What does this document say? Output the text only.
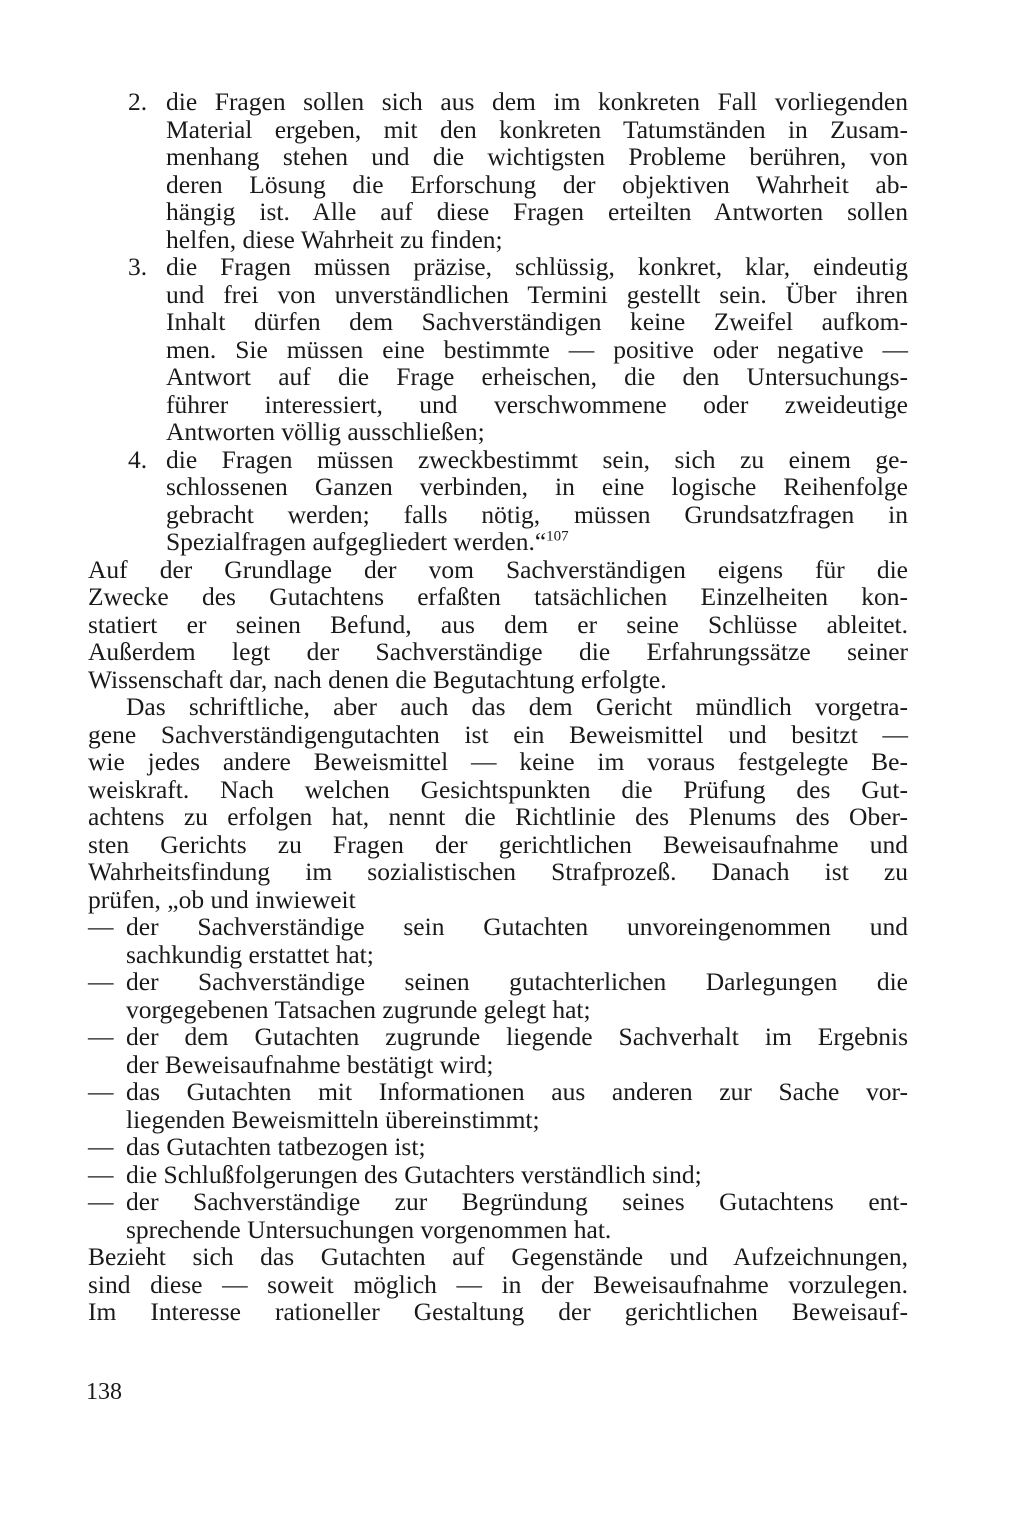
2. die Fragen sollen sich aus dem im konkreten Fall vorliegenden
Material ergeben, mit den konkreten Tatumständen in Zusam-
menhang stehen und die wichtigsten Probleme berühren, von
deren Lösung die Erforschung der objektiven Wahrheit ab-
hängig ist. Alle auf diese Fragen erteilten Antworten sollen
helfen, diese Wahrheit zu finden;
3. die Fragen müssen präzise, schlüssig, konkret, klar, eindeutig
und frei von unverständlichen Termini gestellt sein. Über ihren
Inhalt dürfen dem Sachverständigen keine Zweifel aufkom-
men. Sie müssen eine bestimmte — positive oder negative —
Antwort auf die Frage erheischen, die den Untersuchungs-
führer interessiert, und verschwommene oder zweideutige
Antworten völlig ausschließen;
4. die Fragen müssen zweckbestimmt sein, sich zu einem ge-
schlossenen Ganzen verbinden, in eine logische Reihenfolge
gebracht werden; falls nötig, müssen Grundsatzfragen in
Spezialfragen aufgegliedert werden.“$^{107}$
Auf der Grundlage der vom Sachverständigen eigens für die
Zwecke des Gutachtens erfaßten tatsächlichen Einzelheiten kon-
statiert er seinen Befund, aus dem er seine Schlüsse ableitet.
Außerdem legt der Sachverständige die Erfahrungssätze seiner
Wissenschaft dar, nach denen die Begutachtung erfolgte.
Das schriftliche, aber auch das dem Gericht mündlich vorgetra-
gene Sachverständigengutachten ist ein Beweismittel und besitzt —
wie jedes andere Beweismittel — keine im voraus festgelegte Be-
weiskraft. Nach welchen Gesichtspunkten die Prüfung des Gut-
achtens zu erfolgen hat, nennt die Richtlinie des Plenums des Ober-
sten Gerichts zu Fragen der gerichtlichen Beweisaufnahme und
Wahrheitsfindung im sozialistischen Strafprozeß. Danach ist zu
prüfen, „ob und inwieweit
— der Sachverständige sein Gutachten unvoreingenommen und
sachkundig erstattet hat;
— der Sachverständige seinen gutachterlichen Darlegungen die
vorgegebenen Tatsachen zugrunde gelegt hat;
— der dem Gutachten zugrunde liegende Sachverhalt im Ergebnis
der Beweisaufnahme bestätigt wird;
— das Gutachten mit Informationen aus anderen zur Sache vor-
liegenden Beweismitteln übereinstimmt;
— das Gutachten tatbezogen ist;
— die Schlußfolgerungen des Gutachters verständlich sind;
— der Sachverständige zur Begründung seines Gutachtens ent-
sprechende Untersuchungen vorgenommen hat.
Bezieht sich das Gutachten auf Gegenstände und Aufzeichnungen,
sind diese — soweit möglich — in der Beweisaufnahme vorzulegen.
Im Interesse rationeller Gestaltung der gerichtlichen Beweisauf-
138
